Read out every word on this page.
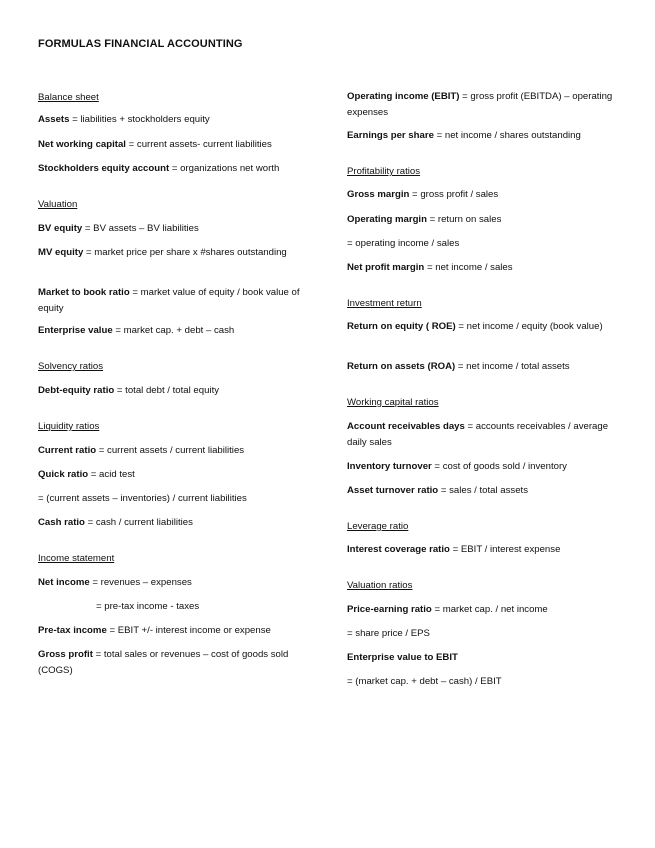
FORMULAS FINANCIAL ACCOUNTING
Balance sheet
Assets = liabilities + stockholders equity
Net working capital = current assets- current liabilities
Stockholders equity account = organizations net worth
Valuation
BV equity = BV assets – BV liabilities
MV equity = market price per share x #shares outstanding
Market to book ratio = market value of equity / book value of equity
Enterprise value = market cap. + debt – cash
Solvency ratios
Debt-equity ratio = total debt / total equity
Liquidity ratios
Current ratio = current assets / current liabilities
Quick ratio = acid test
= (current assets – inventories) / current liabilities
Cash ratio = cash / current liabilities
Income statement
Net income = revenues – expenses
= pre-tax income - taxes
Pre-tax income = EBIT +/- interest income or expense
Gross profit = total sales or revenues – cost of goods sold (COGS)
Operating income (EBIT) = gross profit (EBITDA) – operating expenses
Earnings per share = net income / shares outstanding
Profitability ratios
Gross margin = gross profit / sales
Operating margin = return on sales
= operating income / sales
Net profit margin = net income / sales
Investment return
Return on equity ( ROE) = net income / equity (book value)
Return on assets (ROA) = net income / total assets
Working capital ratios
Account receivables days = accounts receivables / average daily sales
Inventory turnover = cost of goods sold / inventory
Asset turnover ratio = sales / total assets
Leverage ratio
Interest coverage ratio = EBIT / interest expense
Valuation ratios
Price-earning ratio = market cap. / net income
= share price / EPS
Enterprise value to EBIT
= (market cap. + debt – cash) / EBIT
